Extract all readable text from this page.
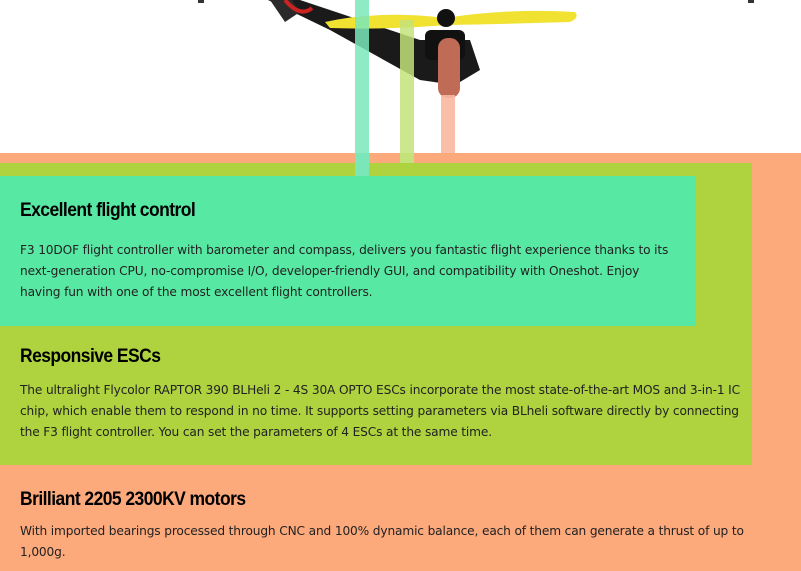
Excellent flight control

F3 10DOF flight controller with barometer and compass, delivers you fantastic flight experience thanks to its next-generation CPU, no-compromise I/O, developer-friendly GUI, and compatibility with Oneshot. Enjoy having fun with one of the most excellent flight controllers.

Responsive ESCs

The ultralight Flycolor RAPTOR 390 BLHeli 2 - 4S 30A OPTO ESCs incorporate the most state-of-the-art MOS and 3-in-1 IC chip, which enable them to respond in no time. It supports setting parameters via BLheli software directly by connecting the F3 flight controller. You can set the parameters of 4 ESCs at the same time.

Brilliant 2205 2300KV motors

With imported bearings processed through CNC and 100% dynamic balance, each of them can generate a thrust of up to 1,000g.
